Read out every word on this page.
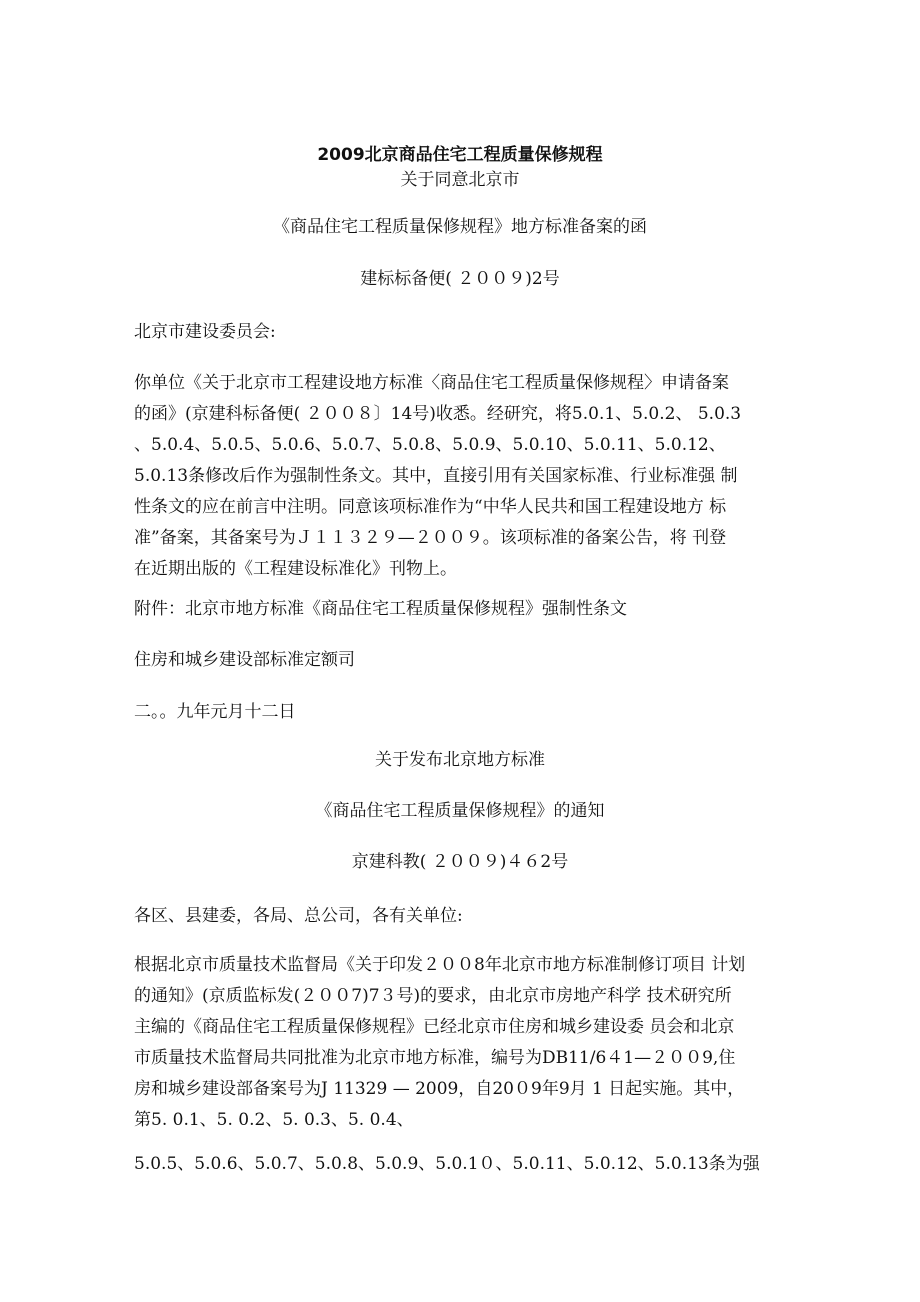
2009北京商品住宅工程质量保修规程
关于同意北京市
《商品住宅工程质量保修规程》地方标准备案的函
建标标备便( ２００９)2号
北京市建设委员会:
你单位《关于北京市工程建设地方标准〈商品住宅工程质量保修规程〉申请备案
的函》(京建科标备便( ２００８〕14号)收悉。经研究，将5.0.1、5.0.2、 5.0.3
、5.0.4、5.0.5、5.0.6、5.0.7、5.0.8、5.0.9、5.0.10、5.0.11、5.0.12、
5.0.13条修改后作为强制性条文。其中，直接引用有关国家标准、行业标准强 制
性条文的应在前言中注明。同意该项标准作为“中华人民共和国工程建设地方 标
准”备案，其备案号为Ｊ１１３２９—２００９。该项标准的备案公告，将 刊登
在近期出版的《工程建设标准化》刊物上。
附件：北京市地方标准《商品住宅工程质量保修规程》强制性条文
住房和城乡建设部标准定额司
二。。九年元月十二日
关于发布北京地方标准
《商品住宅工程质量保修规程》的通知
京建科教( ２００９)４６2号
各区、县建委，各局、总公司，各有关单位:
根据北京市质量技术监督局《关于印发２００8年北京市地方标准制修订项目 计划
的通知》(京质监标发(２００7)7３号)的要求，由北京市房地产科学 技术研究所
主编的《商品住宅工程质量保修规程》已经北京市住房和城乡建设委 员会和北京
市质量技术监督局共同批准为北京市地方标准，编号为DB11/6４1—２００9,住
房和城乡建设部备案号为J 11329 — 2009，自20０9年9月 1 日起实施。其中，
第5. 0.1、5. 0.2、5. 0.3、5. 0.4、
5.0.5、5.0.6、5.0.7、5.0.8、5.0.9、5.0.1０、5.0.11、5.0.12、5.0.13条为强
